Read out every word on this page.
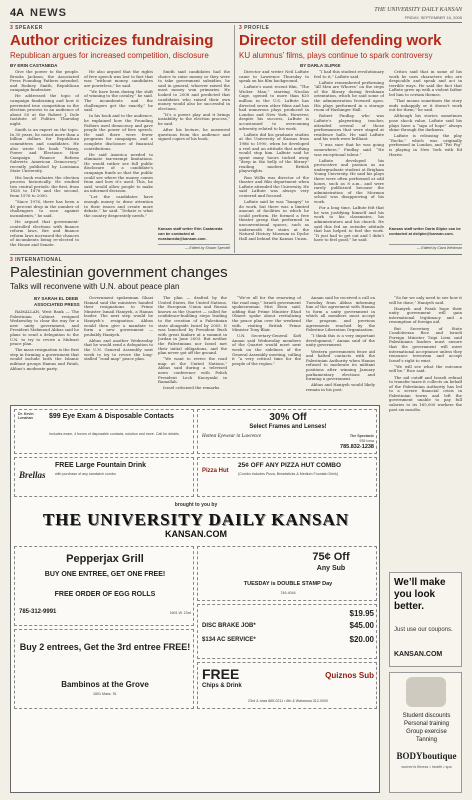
4A NEWS	THE UNIVERSITY DAILY KANSAN
FRIDAY, SEPTEMBER 16, 2005
3 SPEAKER
Author criticizes fundraising
Republican argues for increased competition, disclosure
BY ERIN CASTANEDA

Give the power to the people. Brooks Jackson, the Associated Press Founding Fathers intended, and Rodney Smith, Republican campaign fundraiser.

He addressed the topic of campaign fundraising and how it prevented true competition in the election process to an audience of about 50 at the Robert J. Dole Institute of Politics Thursday night.

Smith is an expert on the topic. In 30 years, he raised more than a billion dollars for Republican committees and candidates. He also wrote the book “Money, Power and Elections: How Campaign Finance Reform Subverts American Democracy,” recently published by Louisiana State University.

His book evaluates the election process historically. He studied two central periods: the first, from 1828 to 1876 and the second, from 1976 to 2000.

“Since 1976, there has been a 40 percent drop in the number of challengers to race against incumbents,” he said.

He argued that government-controlled elections with finance reform laws, fire and finance reform laws increased the chances of incumbents being re-elected to the House and Senate.

He also argued that the rights of free speech was lost to fact that was “without money, candidates are powerless,” he said.

“We have been during the shift of winning to the cavalry,” he said. The incumbents and the challengers get the exactly,” he said.

In his book and to the audience, he explained how the Founding Fathers used democracy and gave people the power of free speech. He said there were fewer programs for campaigns, and a complete disclosure of financial contributions.

He said America needed to eliminate tax-exempt limitations. He would rather see full public disclosure of a candidate’s campaign funds so that the public could see where the money comes from and how it’s used. This, he said, would allow people to make an informed decision.

“Let the candidates have enough money to draw attention to their issues and create more debate,” he said. “Debate is what the country desperately needs.”

Smith said candidates had the choice to raise money or they were to take government subsidies, he said in general, whoever raised the most money won primaries. He looked to 2008 and predicted that candidates who raised their own money would also be successful in elections.

“It’s a power play and it brings instability to the election process,” he said.

After his lecture, he answered questions from the audience and signed copies of his book.

Kansan staff writer Erin Castaneda can be contacted at ecastaneda@kansan.com.
— Edited by Shawn Specktll
3 PROFILE
Director still defending work
KU alumnus’ films, plays continue to spark controversy
BY DARLA SLIPKE

Director and writer Neil LaBute came to Lawrence Thursday to speak on his film background.

LaBute’s most recent film, “The Wicker Man,” starring Nicolas Cage, opened to more than $20 million in the U.S. LaBute has directed seven other films and has had numerous plays produced in London and New York. However, despite his success, LaBute is accustomed to overcoming adversity related to his work.

LaBute did his graduate studies at the University of Kansas from 1986 to 1990, when he developed a reel and an attitude that nothing would stop him. LaBute said he spent many hours tucked away “deep in the belly of the library” reading modern British playwrights.

Ron Willis was director of the theater and film department when LaBute attended the University. He said LaBute was always very centered and focused.

LaBute said he was “hungry” to do work, but there was a limited amount of facilities in which he could perform. He formed a free theater group that performed in unconventional spaces, such as underneath the stairs at the Natural History Museum in Dyche Hall and behind the Kansas Union.

“I had this student revolutionary feel to it,” LaBute said.

LaBute remembered performing “All Men are Whores” on the steps of the library during freshman orientation, which he said some of the administration frowned upon. His plays performed in a storage room of Hashinger Hall.

Robert Findlay, who was LaBute’s playwriting teacher, attended several of those performances that were staged at residence halls. He said LaBute and his work were brilliant.

“I was sure that he was going somewhere,” Findlay said. “He was exceptional talent.”

LaBute developed his provocative and passion as an undergraduate student at Brigham Young University. He said his plays there were often performed at odd hours, such as 8 a.m., and were rarely publicized because the administration of the Mormon school was disapproving of his work.

For a long time, LaBute felt that he was justifying himself and his work to his classmates, his administrators and his church. He said this fed an outsider attitude that has helped to fuel the work. “It just had to get out and I didn’t have to feel good,” he said.

Critics said that in some of his work he uses characters who are despicable and speak and act in terrible ways. He said the fact that LaBute grew up with a violent father led him to certain themes.

“That means sometimes the story ends unhappily or it doesn’t work out for them,” he said.

Although his stories sometimes pose shock value, LaBute said his plays have a “sign of hope” always shine through the darkness.

LaBute is releasing the play “Rocks,” which was originally performed in London, and “Fat Pig” is playing in New York with Ed Harris.

Kansan staff writer Darla Slipke can be contacted at dslipke@kansan.com.
— Edited by Clara Weidman
3 INTERNATIONAL
Palestinian government changes
Talks will reconvene with U.N. about peace plan
BY SARAH EL DEEB
ASSOCIATED PRESS

RAMALLAH, West Bank — The Palestinian Cabinet resigned Wednesday to clear the way for a new unity government, and President Mahmoud Abbas said he plans to send a delegation to the U.N. to try to revive a Mideast peace plan.

The mass resignation is the first step in forming a government that would include both the Islamic militant groups Hamas and Fatah, Abbas’s moderate party.

Government spokesman Ghazi Hamad said the ministers handed their resignations to Prime Minister Ismail Haniyeh, a Hamas leader. The next step would be Haniyeh’s resignation. Abbas would then give a mandate to form a new government — probably Haniyeh.

Abbas and another Wednesday that he would send a delegation to the U.N. General Assembly next week to try to revive the long-stalled “road map” peace plan.

The plan — drafted by the United States, the United Nations, the European Union and Russia known as the Quartet — called for confidence-building steps leading to the creation of a Palestinian state alongside Israel by 2005. It was launched by President Bush with great fanfare at a summit in Jordan in June 2003. But neither the Palestinians nor Israel met their initial obligations, and the plan never got off the ground.

“We want to revive the road map at the United Nations,” Abbas said during a televised news conference with Polish President Lech Kaczynski in Ramallah.

Israel criticized the remarks.

“We’re all for the renewing of the road map,” Israeli government spokeswoman Miri Eisin said, adding that Prime Minister Ehud Olmert spoke about revitalizing the peace plan over the weekend with visiting British Prime Minister Tony Blair.

U.N. Secretary-General Kofi Annan said Wednesday members of the Quartet would meet next week on the sidelines of the General Assembly meeting, calling it “a very critical time for the people of the region.”

Annan said he received a call on Tuesday from Abbas informing him of the agreement with Hamas to form a unity government in which all members must accept the program and previous agreements reached by the Palestine Liberation Organization.

“I think this is a very important development,” Annan said of the unity government.

Western governments froze aid and halted contacts with the Palestinian Authority when Hamas refused to moderate its militant positions after winning January parliamentary elections and forming a government.

Abbas and Haniyeh would likely remain in his post.

“So far we only need to see how it will be done,” Haniyeh said.

Haniyeh and Fatah hope their unity government will gain international legitimacy and a resumption of foreign aid.

But Secretary of State Condoleezza Rice and Israeli Foreign Minister Tzipi Livni said Palestinians leaders must ensure that the government will meet international acceptance unless they renounce terrorism and accept Israel’s right to exist.

“We will see what the outcome will be,” Rice said.

The aid cutoff and Israeli refusal to transfer taxes it collects on behalf of the Palestinian Authority has led to a severe financial crisis in Palestinian towns and left the government unable to pay full salaries to its 165,000 workers the past six months.

Dr. Kevin Lenahan	$99 Eye Exam & Disposable Contacts
Includes exam, 4 boxes of disposable contacts, solution and more. Call for details.
30% Off
Select Frames and Lenses!
Hottest Eyewear in Lawrence	The Spectacle
935 Iowa
785.832-1238
Brellas
FREE Large Fountain Drink
with purchase of any sandwich combo	Pizza Hut
25¢ OFF ANY PIZZA HUT COMBO
(Combo includes Pizza, Breadsticks & Medium Fountain Drink)
brought to you by
THE UNIVERSITY DAILY KANSAN
KANSAN.COM
Pepperjax Grill
BUY ONE ENTREE, GET ONE FREE!
FREE ORDER OF EGG ROLLS
785-312-9991	1601 W. 23rd
Buy 2 entrees, Get the 3rd entree FREE!
Bambinos at the Grove
1801 Mass. St.
75¢ Off
Any Sub
TUESDAY is DOUBLE STAMP Day
749-4044
$19.95
DISC BRAKE JOB*	$45.00
$134 AC SERVICE*	$20.00
FREE
Chips & Drink
Quiznos Sub
23rd & Iowa 865-0211 • 6th & Wakarusa 312-0000
We’ll make you look better.
Just use our coupons.
KANSAN.COM
Student discounts
Personal training
Group exercise
Tanning
BODYboutique
women’s fitness • health • spa
